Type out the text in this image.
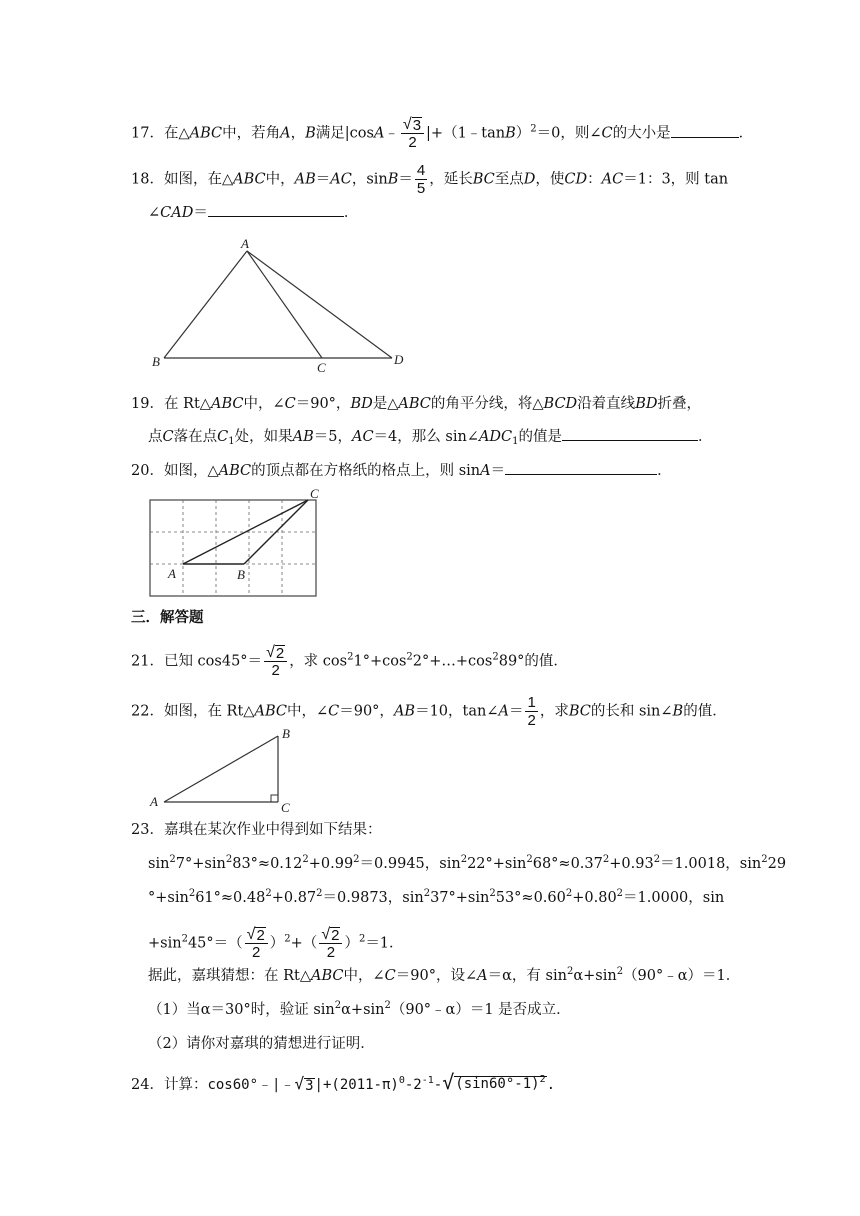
17．在△ABC中，若角A，B满足|cosA﹣ $\frac{√ 3}{2}$ |+（1﹣tanB）$^2$＝0，则∠C的大小是	．
18．如图，在△ABC中，AB＝AC，$\sin B= \frac{4}{5}$ ，延长BC至点D，使CD：AC＝1：3，则 tan
∠CAD＝	．
A
B	C
D
19．在 Rt△ABC中，∠C＝90°，BD是△ABC的角平分线，将△BCD沿着直线BD折叠，
点C落在点$C_1$处，如果AB＝5，AC＝4，那么 $\sin\angle ADC_1$的值是	．
20．如图，△ABC的顶点都在方格纸的格点上，则 sinA＝	．
A	B
C
三．解答题
21．已知 $\cos 45^\circ= \frac{√ 2}{2}$ ，求 $\cos^21^\circ+\cos^22^\circ+\dots+\cos^289^\circ$的值．
22．如图，在 Rt△ABC中，∠C＝90°，AB＝10，tan∠A＝ $\frac{1}{2}$ ，求BC的长和 sin∠B的值．
A
B
C
23．嘉琪在某次作业中得到如下结果：
$\sin^27^\circ+\sin^283^\circ\approx 0.12^2+0.99^2=0.9945$，$\sin^222^\circ+\sin^268^\circ\approx 0.37^2+0.93^2=1.0018$，$\sin^229$
$^\circ+\sin^261^\circ\approx 0.48^2+0.87^2=0.9873$，$\sin^237^\circ+\sin^253^\circ\approx 0.60^2+0.80^2=1.0000$，sin
$+\sin^245^\circ=( \frac{√ 2}{2} )^2+( \frac{√ 2}{2} )^2=1$．
据此，嘉琪猜想：在 Rt△ABC中，∠C＝90°，设∠A＝α，有 $\sin^2\alpha+\sin^2(90^\circ﹣\alpha)=1$．
（1）当α＝30°时，验证 $\sin^2\alpha+\sin^2(90^\circ﹣\alpha)=1$ 是否成立．
（2）请你对嘉琪的猜想进行证明．
24．计算：cos60°﹣|﹣ √ 3 $|+(2011-\pi)^0-2^{-1}-$ √ $(\sin 60^\circ-1)^2$ .
